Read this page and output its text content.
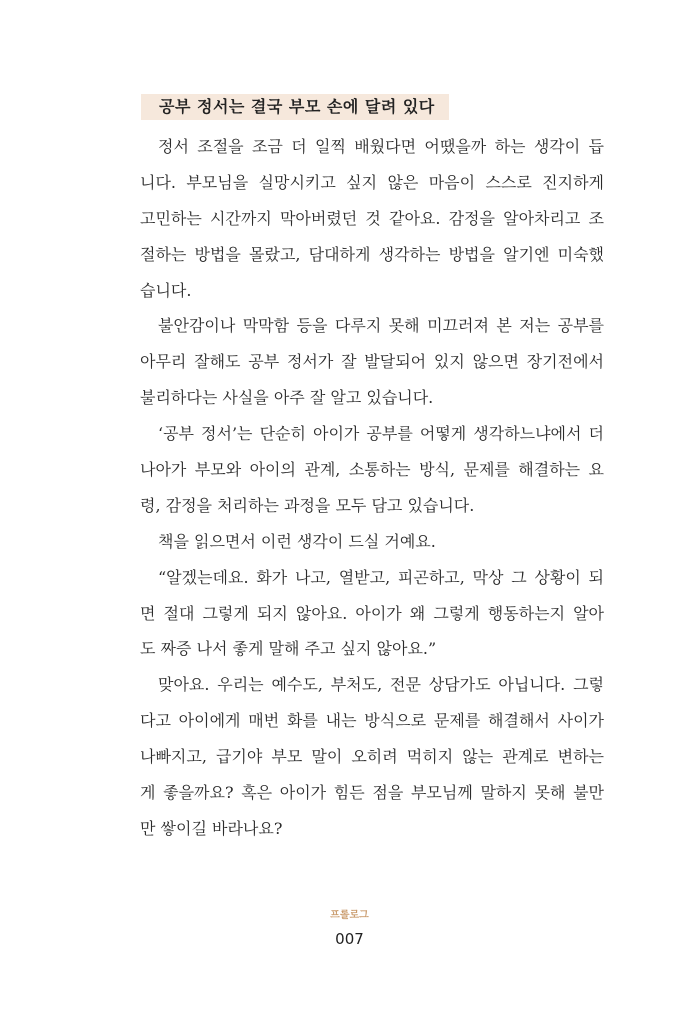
공부 정서는 결국 부모 손에 달려 있다
정서 조절을 조금 더 일찍 배웠다면 어땠을까 하는 생각이 듭
니다. 부모님을 실망시키고 싶지 않은 마음이 스스로 진지하게
고민하는 시간까지 막아버렸던 것 같아요. 감정을 알아차리고 조
절하는 방법을 몰랐고, 담대하게 생각하는 방법을 알기엔 미숙했
습니다.
불안감이나 막막함 등을 다루지 못해 미끄러져 본 저는 공부를
아무리 잘해도 공부 정서가 잘 발달되어 있지 않으면 장기전에서
불리하다는 사실을 아주 잘 알고 있습니다.
‘공부 정서’는 단순히 아이가 공부를 어떻게 생각하느냐에서 더
나아가 부모와 아이의 관계, 소통하는 방식, 문제를 해결하는 요
령, 감정을 처리하는 과정을 모두 담고 있습니다.
책을 읽으면서 이런 생각이 드실 거예요.
“알겠는데요. 화가 나고, 열받고, 피곤하고, 막상 그 상황이 되
면 절대 그렇게 되지 않아요. 아이가 왜 그렇게 행동하는지 알아
도 짜증 나서 좋게 말해 주고 싶지 않아요.”
맞아요. 우리는 예수도, 부처도, 전문 상담가도 아닙니다. 그렇
다고 아이에게 매번 화를 내는 방식으로 문제를 해결해서 사이가
나빠지고, 급기야 부모 말이 오히려 먹히지 않는 관계로 변하는
게 좋을까요? 혹은 아이가 힘든 점을 부모님께 말하지 못해 불만
만 쌓이길 바라나요?
프롤로그
007
